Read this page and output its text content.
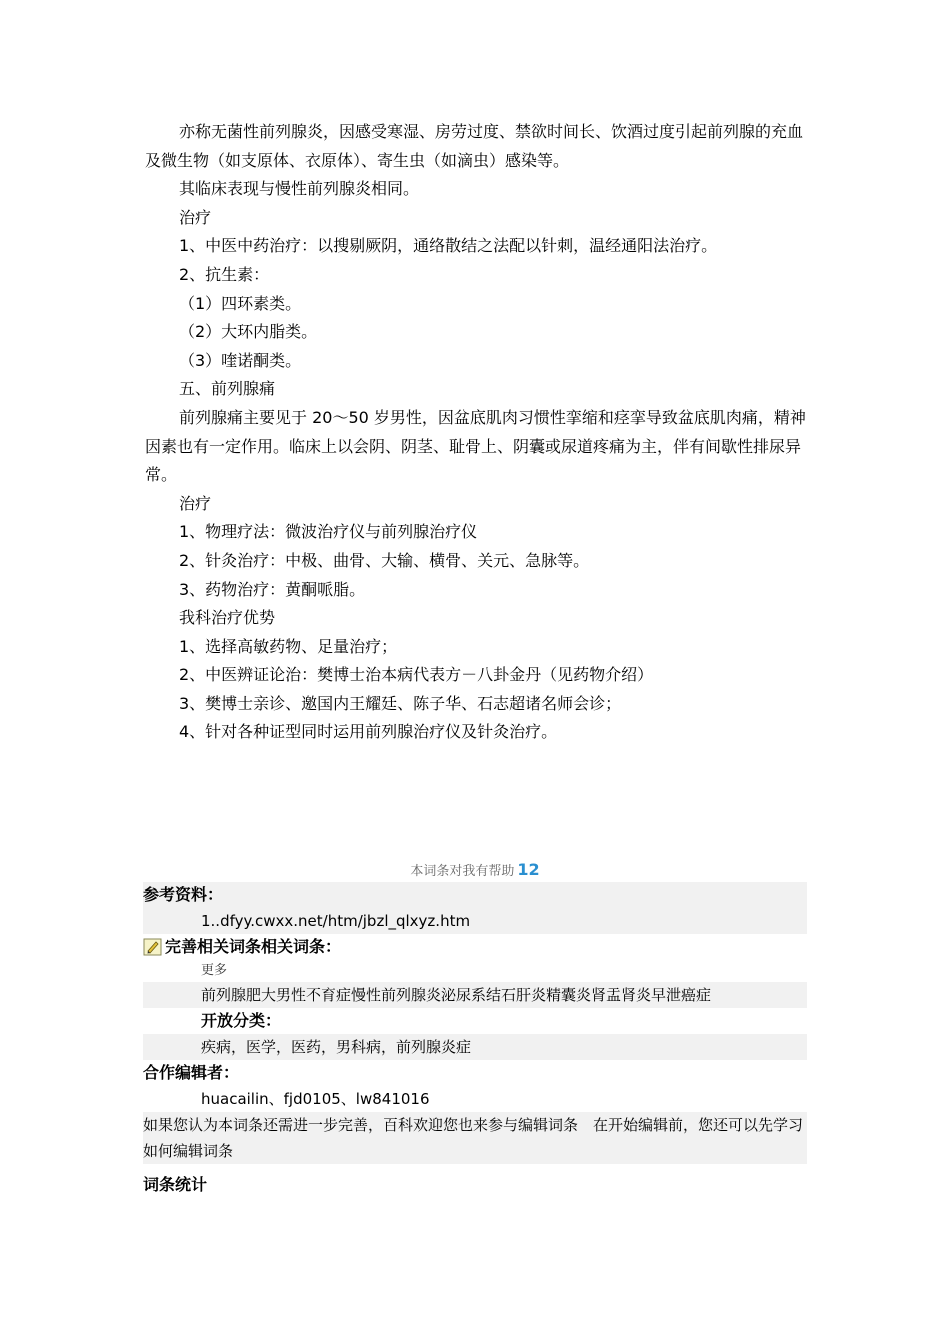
亦称无菌性前列腺炎，因感受寒湿、房劳过度、禁欲时间长、饮酒过度引起前列腺的充血及微生物（如支原体、衣原体）、寄生虫（如滴虫）感染等。

其临床表现与慢性前列腺炎相同。

治疗

1、中医中药治疗：以搜剔厥阴，通络散结之法配以针刺，温经通阳法治疗。

2、抗生素：

（1）四环素类。

（2）大环内脂类。

（3）喹诺酮类。

五、前列腺痛

前列腺痛主要见于 20～50 岁男性，因盆底肌肉习惯性挛缩和痉挛导致盆底肌肉痛，精神因素也有一定作用。临床上以会阴、阴茎、耻骨上、阴囊或尿道疼痛为主，伴有间歇性排尿异常。

治疗

1、物理疗法：微波治疗仪与前列腺治疗仪

2、针灸治疗：中极、曲骨、大输、横骨、关元、急脉等。

3、药物治疗：黄酮哌脂。

我科治疗优势

1、选择高敏药物、足量治疗；

2、中医辨证论治：樊博士治本病代表方－八卦金丹（见药物介绍）

3、樊博士亲诊、邀国内王耀廷、陈子华、石志超诸名师会诊；

4、针对各种证型同时运用前列腺治疗仪及针灸治疗。

本词条对我有帮助 12

参考资料：

1..dfyy.cwxx.net/htm/jbzl_qlxyz.htm
完善相关词条相关词条：
更多
前列腺肥大男性不育症慢性前列腺炎泌尿系结石肝炎精囊炎肾盂肾炎早泄癌症
开放分类：
疾病，医学，医药，男科病，前列腺炎症

合作编辑者：

huacailin、fjd0105、lw841016
如果您认为本词条还需进一步完善，百科欢迎您也来参与编辑词条　在开始编辑前，您还可以先学习如何编辑词条

词条统计
